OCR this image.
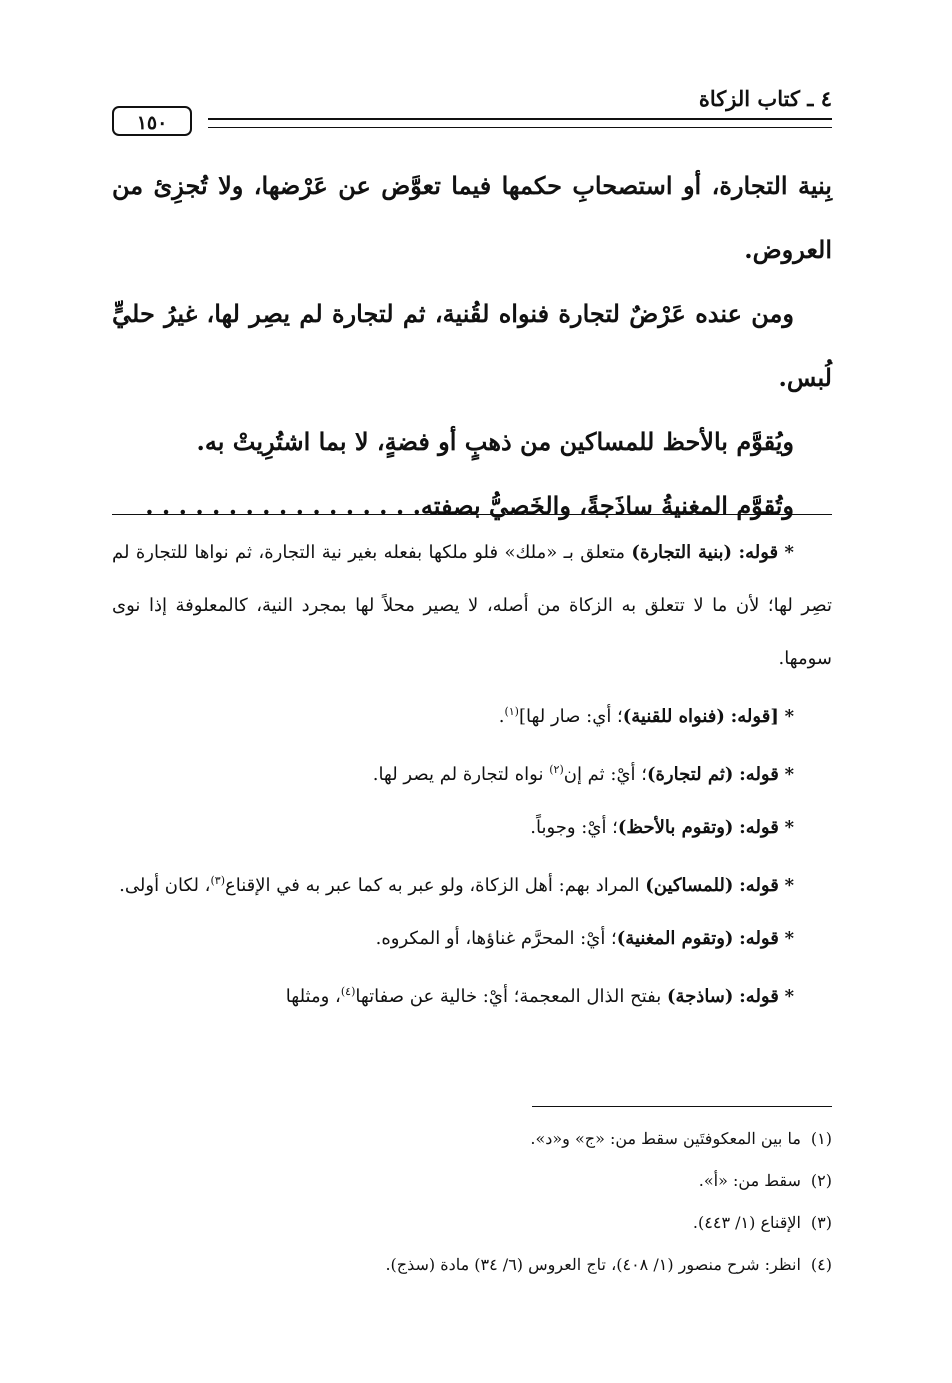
٤ ـ كتاب الزكاة
١٥٠

بِنية التجارة، أو استصحابِ حكمها فيما تعوَّض عن عَرْضها، ولا تُجزِئ من العروض.

ومن عنده عَرْضٌ لتجارة فنواه لقُنية، ثم لتجارة لم يصِر لها، غيرُ حليٍّ لُبس.

ويُقوَّم بالأحظ للمساكين من ذهبٍ أو فضةٍ، لا بما اشتُرِيتْ به.

وتُقوَّم المغنيةُ ساذَجةً، والخَصيُّ بصفته. . . . . . . . . . . . . . . . .

* قوله: (بنية التجارة) متعلق بـ «ملك» فلو ملكها بفعله بغير نية التجارة، ثم نواها للتجارة لم تصِر لها؛ لأن ما لا تتعلق به الزكاة من أصله، لا يصير محلاً لها بمجرد النية، كالمعلوفة إذا نوى سومها.

* [قوله: (فنواه للقنية)؛ أي: صار لها]$^{(١)}$.

* قوله: (ثم لتجارة)؛ أيْ: ثم إن$^{(٢)}$ نواه لتجارة لم يصر لها.

* قوله: (وتقوم بالأحظ)؛ أيْ: وجوباً.

* قوله: (للمساكين) المراد بهم: أهل الزكاة، ولو عبر به كما عبر به في الإقناع$^{(٣)}$، لكان أولى.

* قوله: (وتقوم المغنية)؛ أيْ: المحرَّم غناؤها، أو المكروه.

* قوله: (ساذجة) بفتح الذال المعجمة؛ أيْ: خالية عن صفاتها$^{(٤)}$، ومثلها

(١)ما بين المعكوفتَين سقط من: «ج» و«د».
(٢)سقط من: «أ».
(٣)الإقناع (١/ ٤٤٣).
(٤)انظر: شرح منصور (١/ ٤٠٨)، تاج العروس (٦/ ٣٤) مادة (سذج).
